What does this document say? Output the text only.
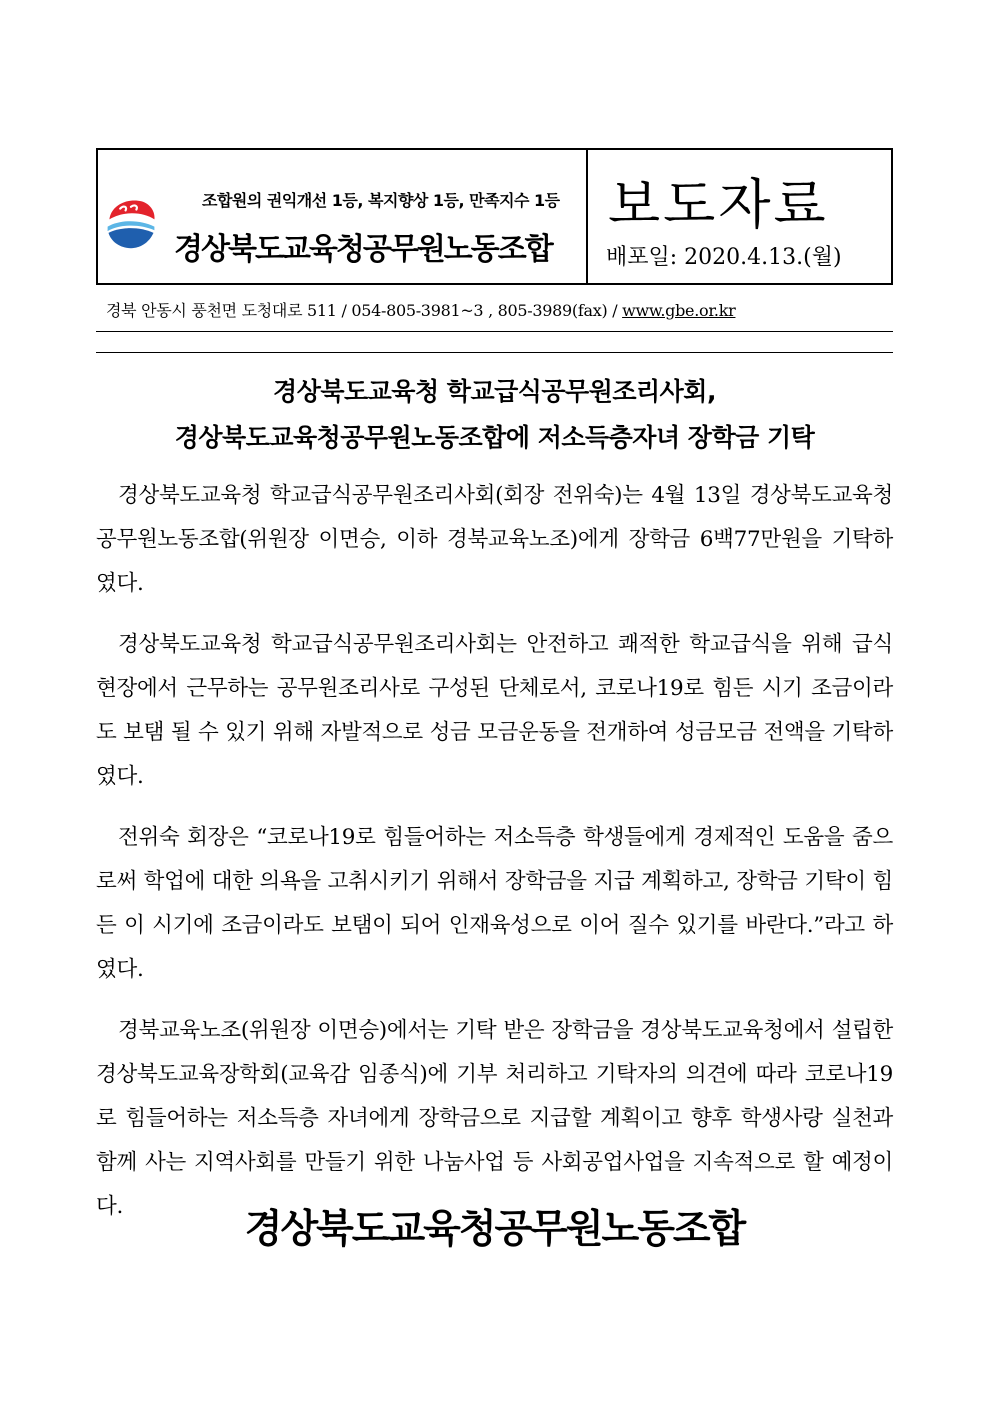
조합원의 권익개선 1등, 복지향상 1등, 만족지수 1등
경상북도교육청공무원노동조합
보도자료
배포일: 2020.4.13.(월)
경북 안동시 풍천면 도청대로 511 / 054-805-3981~3 , 805-3989(fax) / www.gbe.or.kr
경상북도교육청 학교급식공무원조리사회,
경상북도교육청공무원노동조합에 저소득층자녀 장학금 기탁

경상북도교육청 학교급식공무원조리사회(회장 전위숙)는 4월 13일 경상북도교육청공무원노동조합(위원장 이면승, 이하 경북교육노조)에게 장학금 6백77만원을 기탁하였다.

경상북도교육청 학교급식공무원조리사회는 안전하고 쾌적한 학교급식을 위해 급식현장에서 근무하는 공무원조리사로 구성된 단체로서, 코로나19로 힘든 시기 조금이라도 보탬 될 수 있기 위해 자발적으로 성금 모금운동을 전개하여 성금모금 전액을 기탁하였다.

전위숙 회장은 “코로나19로 힘들어하는 저소득층 학생들에게 경제적인 도움을 줌으로써 학업에 대한 의욕을 고취시키기 위해서 장학금을 지급 계획하고, 장학금 기탁이 힘든 이 시기에 조금이라도 보탬이 되어 인재육성으로 이어 질수 있기를 바란다.”라고 하였다.

경북교육노조(위원장 이면승)에서는 기탁 받은 장학금을 경상북도교육청에서 설립한 경상북도교육장학회(교육감 임종식)에 기부 처리하고 기탁자의 의견에 따라 코로나19로 힘들어하는 저소득층 자녀에게 장학금으로 지급할 계획이고 향후 학생사랑 실천과 함께 사는 지역사회를 만들기 위한 나눔사업 등 사회공업사업을 지속적으로 할 예정이다.

경상북도교육청공무원노동조합
